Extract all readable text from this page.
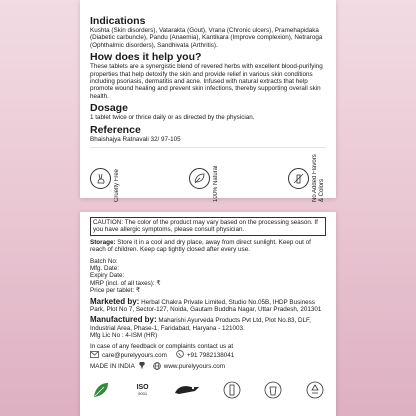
Indications

Kushta (Skin disorders), Vatarakta (Gout), Vrana (Chronic ulcers), Pramehapidaka (Diabetic carbuncle), Pandu (Anaemia), Kantikara (Improve complexion), Netraroga (Ophthalmic disorders), Sandhivata (Arthritis).

How does it help you?

These tablets are a synergistic blend of revered herbs with excellent blood-purifying properties that help detoxify the skin and provide relief in various skin conditions including psoriasis, dermatitis and acne. Infused with natural extracts that help promote wound healing and prevent skin infections, thereby supporting overall skin health.

Dosage

1 tablet twice or thrice daily or as directed by the physician.

Reference

Bhaishajya Ratnavali 32/ 97-105

Cruelty Free	100% Natural	No Added Flavors & Colors
CAUTION: The color of the product may vary based on the processing season. If you have allergic symptoms, please consult physician.

Storage: Store it in a cool and dry place, away from direct sunlight. Keep out of reach of children. Keep cap tightly closed after every use.

Batch No:

Mfg. Date:

Expiry Date:

MRP (incl. of all taxes): ₹

Price per tablet: ₹

Marketed by: Herbal Chakra Private Limited, Studio No.05B, IHDP Business Park, Plot No 7, Sector-127, Noida, Gautam Buddha Nagar, Uttar Pradesh, 201301

Manufactured by: Maharishi Ayurveda Products Pvt Ltd, Plot No.83, DLF, Industrial Area, Phase-1, Faridabad, Haryana - 121003.

Mfg Lic No : 4-ISM (HR)

In case of any feedback or complaints contact us at

care@purelyyours.com	+91 7982138041
MADE IN INDIA	www.purelyyours.com
ISO
9001
